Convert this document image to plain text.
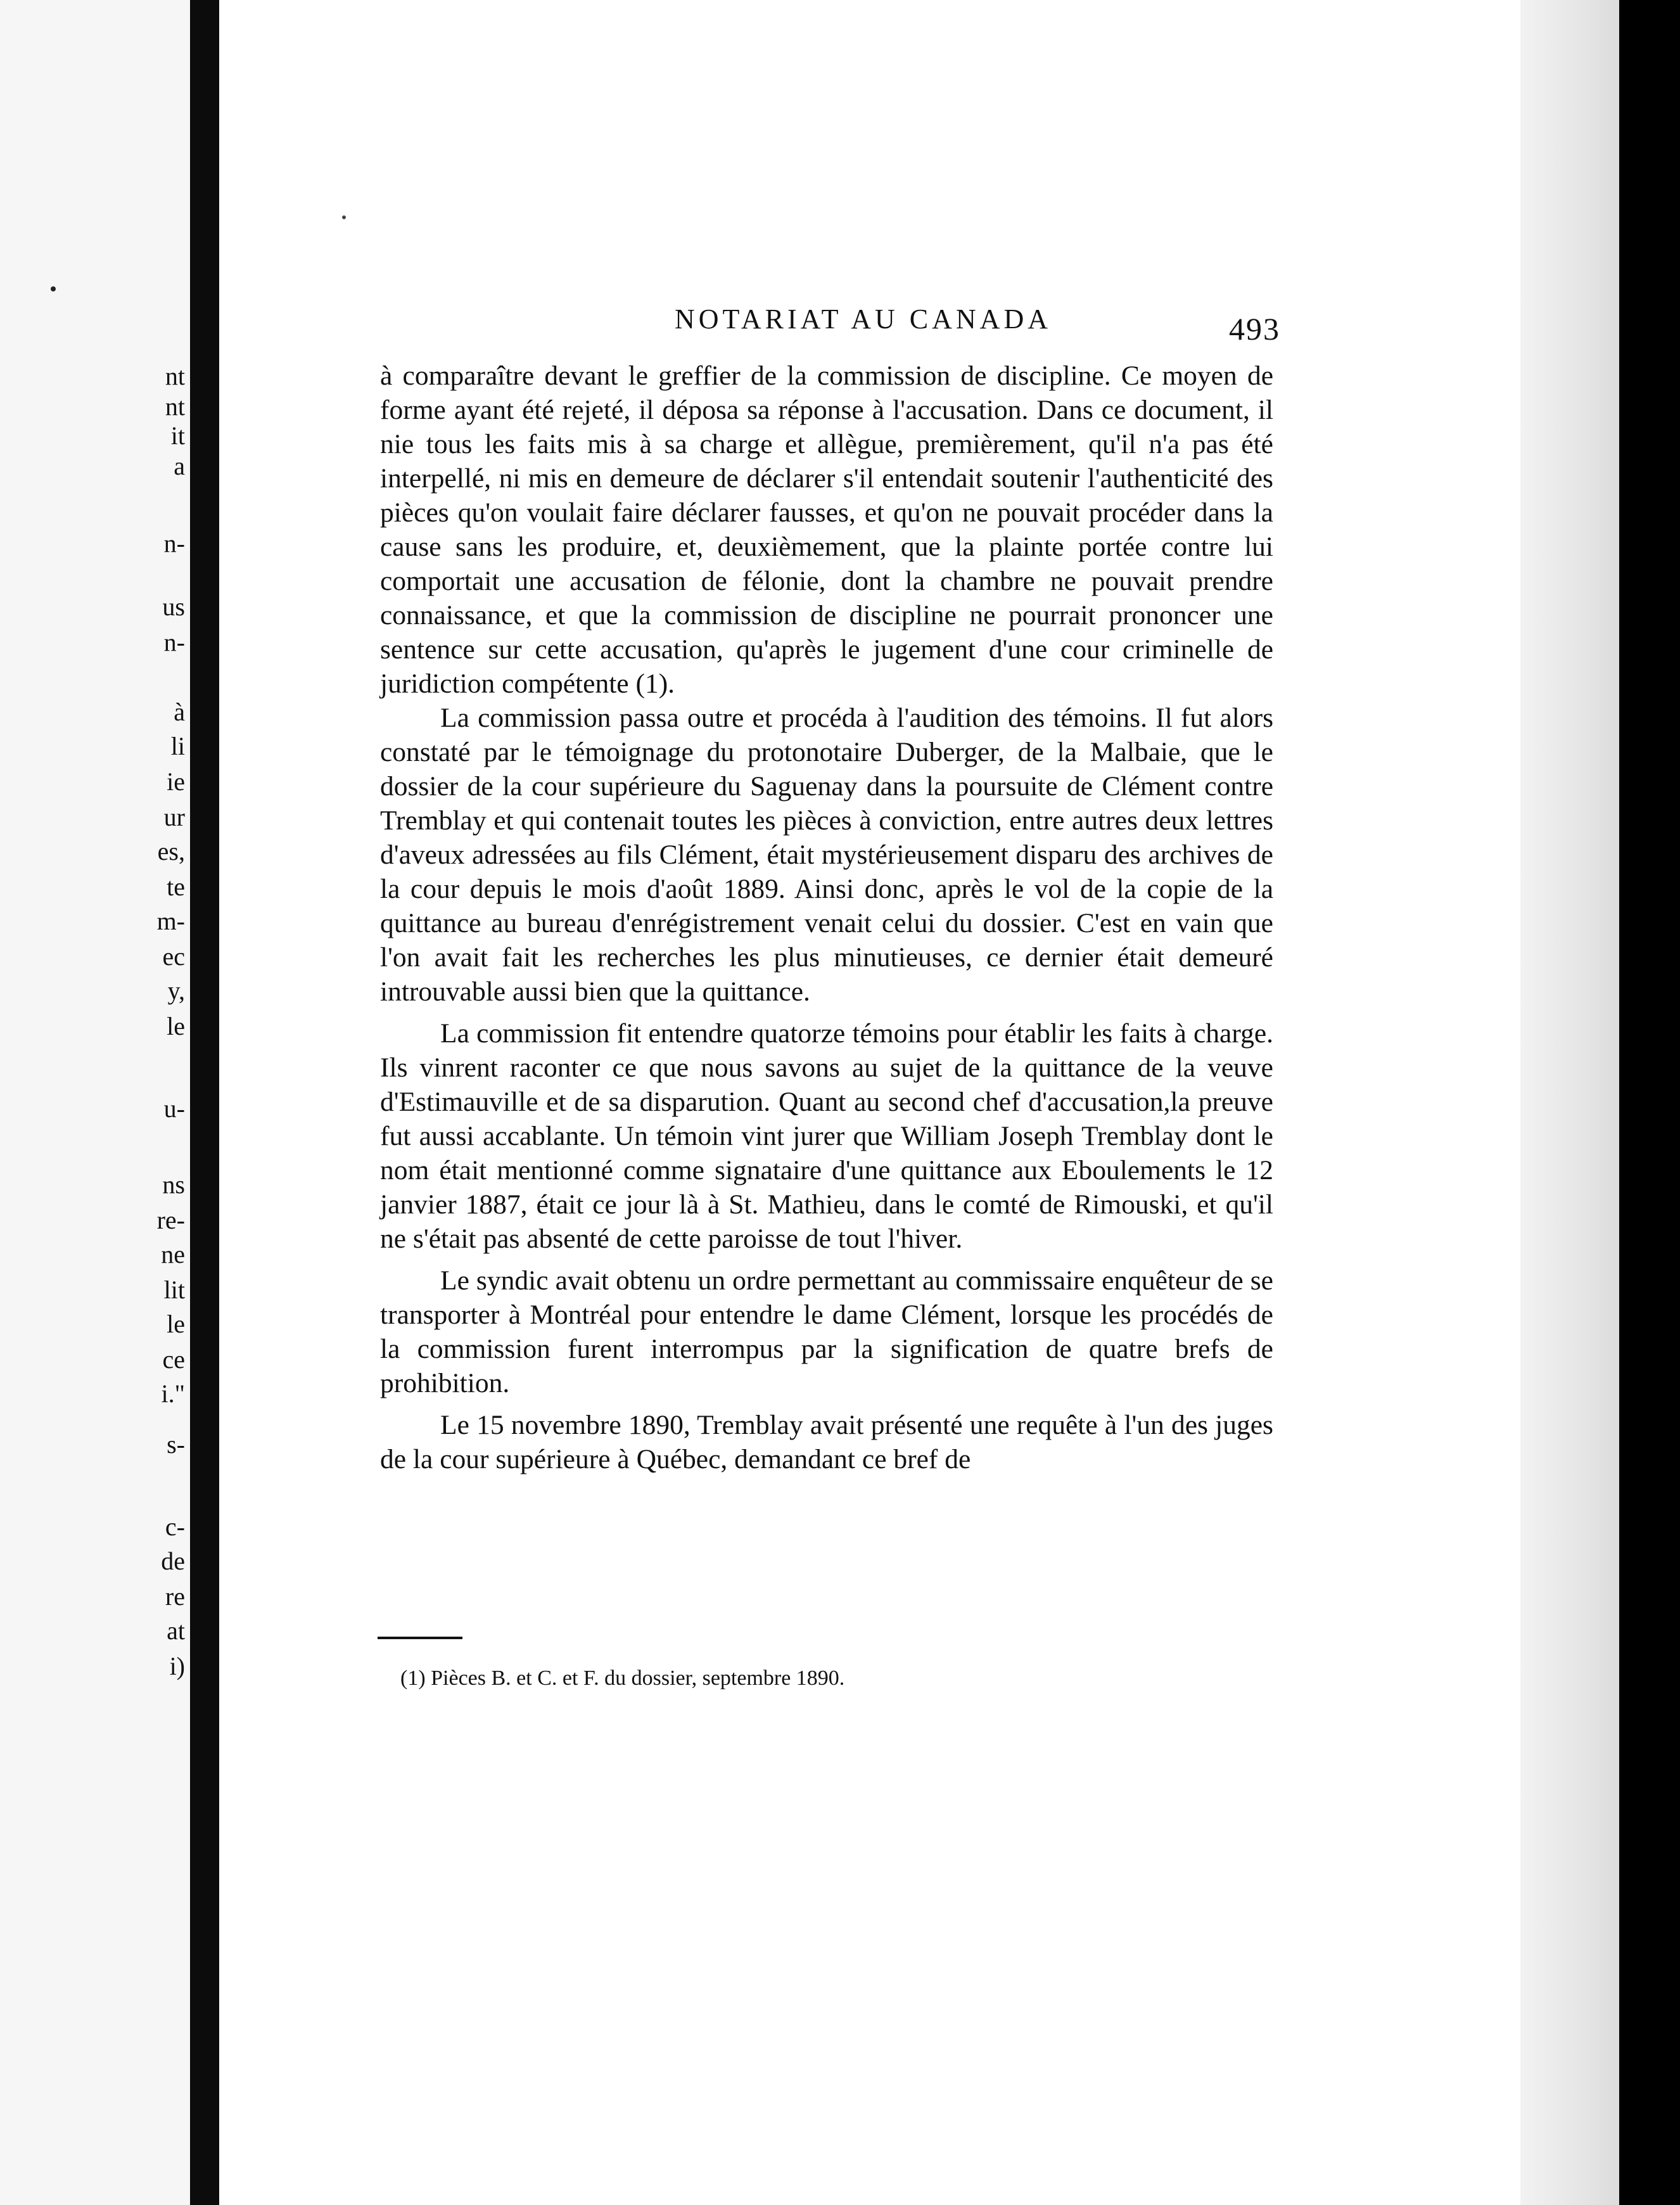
nt
nt
it
a
n-
us
n-
à
li
ie
ur
es,
te
m-
ec
y,
le
u-
ns
re-
ne
lit
le
ce
i."
s-
c-
de
re
at
i)
NOTARIAT AU CANADA	493

à comparaître devant le greffier de la commission de discipline. Ce moyen de forme ayant été rejeté, il déposa sa réponse à l'accusation. Dans ce document, il nie tous les faits mis à sa charge et allègue, premièrement, qu'il n'a pas été interpellé, ni mis en demeure de déclarer s'il entendait soutenir l'authenticité des pièces qu'on voulait faire déclarer fausses, et qu'on ne pouvait procéder dans la cause sans les produire, et, deuxièmement, que la plainte portée contre lui comportait une accusation de félonie, dont la chambre ne pouvait prendre connaissance, et que la commission de discipline ne pourrait prononcer une sentence sur cette accusation, qu'après le jugement d'une cour criminelle de juridiction compétente (1).

La commission passa outre et procéda à l'audition des témoins. Il fut alors constaté par le témoignage du protonotaire Duberger, de la Malbaie, que le dossier de la cour supérieure du Saguenay dans la poursuite de Clément contre Tremblay et qui contenait toutes les pièces à conviction, entre autres deux lettres d'aveux adressées au fils Clément, était mystérieusement disparu des archives de la cour depuis le mois d'août 1889. Ainsi donc, après le vol de la copie de la quittance au bureau d'enrégistrement venait celui du dossier. C'est en vain que l'on avait fait les recherches les plus minutieuses, ce dernier était demeuré introuvable aussi bien que la quittance.

La commission fit entendre quatorze témoins pour établir les faits à charge. Ils vinrent raconter ce que nous savons au sujet de la quittance de la veuve d'Estimauville et de sa disparution. Quant au second chef d'accusation,la preuve fut aussi accablante. Un témoin vint jurer que William Joseph Tremblay dont le nom était mentionné comme signataire d'une quittance aux Eboulements le 12 janvier 1887, était ce jour là à St. Mathieu, dans le comté de Rimouski, et qu'il ne s'était pas absenté de cette paroisse de tout l'hiver.

Le syndic avait obtenu un ordre permettant au commissaire enquêteur de se transporter à Montréal pour entendre le dame Clément, lorsque les procédés de la commission furent interrompus par la signification de quatre brefs de prohibition.

Le 15 novembre 1890, Tremblay avait présenté une requête à l'un des juges de la cour supérieure à Québec, demandant ce bref de

(1) Pièces B. et C. et F. du dossier, septembre 1890.
